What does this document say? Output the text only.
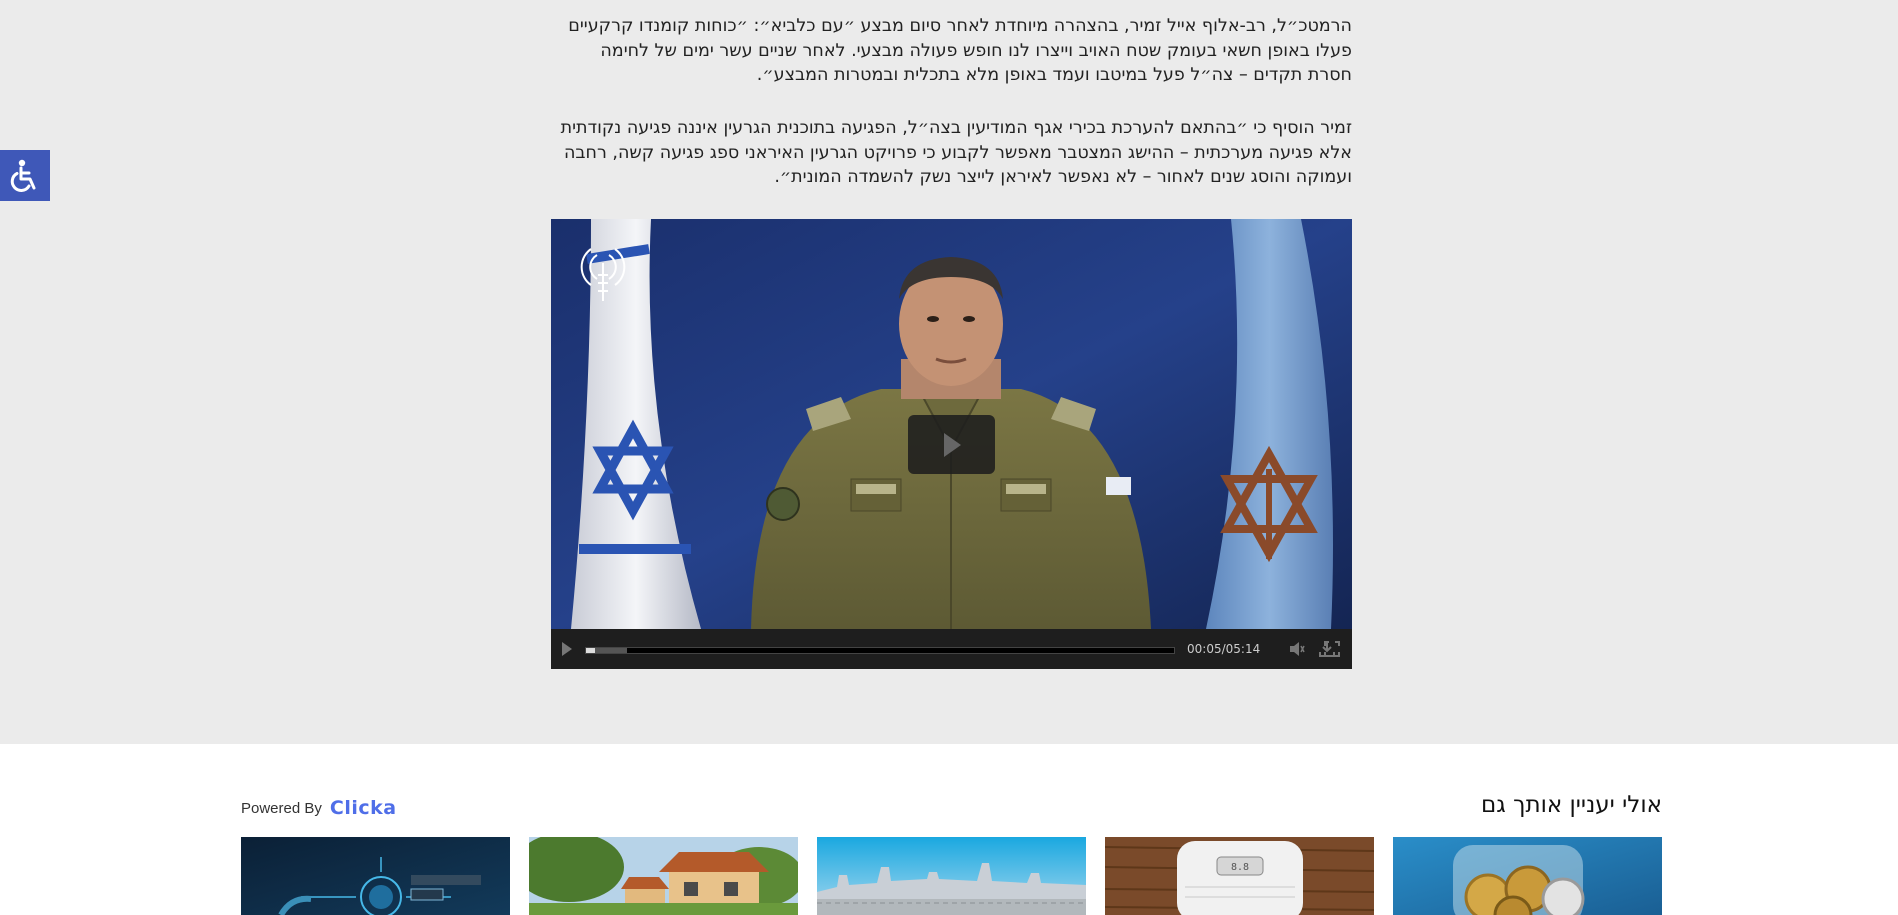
הרמטכ״ל, רב-אלוף אייל זמיר, בהצהרה מיוחדת לאחר סיום מבצע ״עם כלביא״: ״כוחות קומנדו קרקעיים פעלו באופן חשאי בעומק שטח האויב וייצרו לנו חופש פעולה מבצעי. לאחר שניים עשר ימים של לחימה חסרת תקדים – צה״ל פעל במיטבו ועמד באופן מלא בתכלית ובמטרות המבצע״.

זמיר הוסיף כי ״בהתאם להערכת בכירי אגף המודיעין בצה״ל, הפגיעה בתוכנית הגרעין איננה פגיעה נקודתית אלא פגיעה מערכתית – ההישג המצטבר מאפשר לקבוע כי פרויקט הגרעין האיראני ספג פגיעה קשה, רחבה ועמוקה והוסג שנים לאחור – לא נאפשר לאיראן לייצר נשק להשמדה המונית״.

00:05/05:14
Powered By Clicka	אולי יעניין אותך גם
8.8
